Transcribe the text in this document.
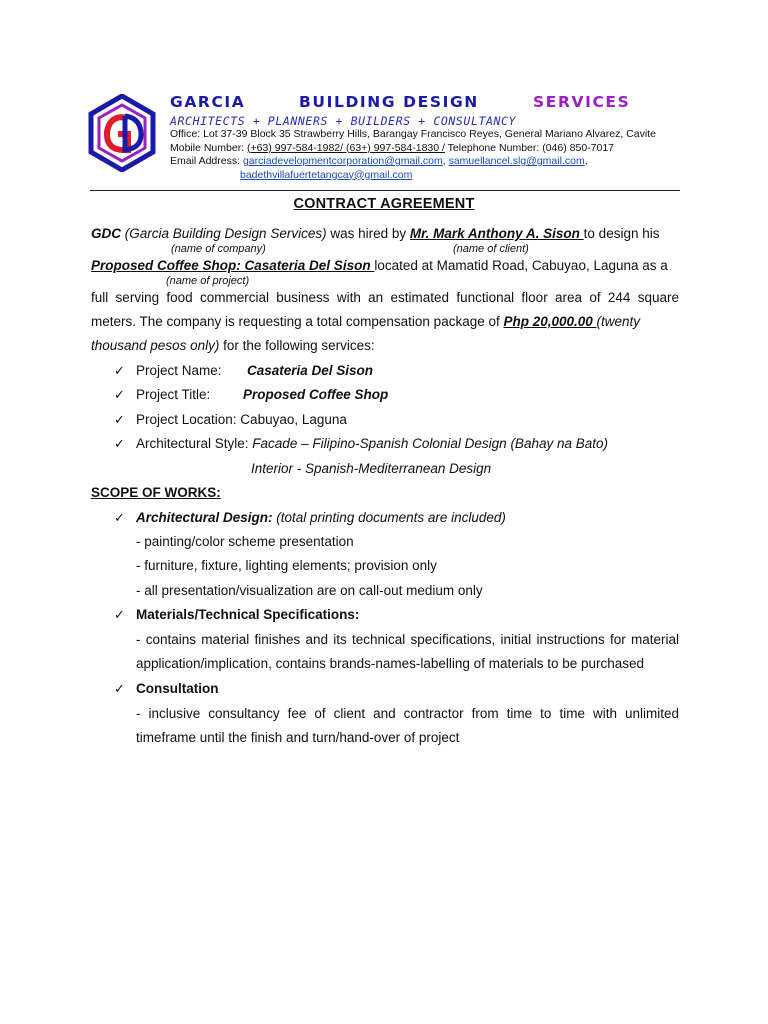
GARCIA	BUILDING DESIGN	SERVICES
ARCHITECTS + PLANNERS + BUILDERS + CONSULTANCY
Office: Lot 37-39 Block 35 Strawberry Hills, Barangay Francisco Reyes, General Mariano Alvarez, Cavite
Mobile Number: (+63) 997-584-1982/ (63+) 997-584-1830 / Telephone Number: (046) 850-7017
Email Address: garciadevelopmentcorporation@gmail.com, samuellancel.slg@gmail.com,
badethvillafuertetangcay@gmail.com
CONTRACT AGREEMENT
GDC (Garcia Building Design Services) was hired by Mr. Mark Anthony A. Sison to design his
(name of company)	(name of client)
Proposed Coffee Shop: Casateria Del Sison located at Mamatid Road, Cabuyao, Laguna as a
(name of project)
full serving food commercial business with an estimated functional floor area of 244 square
meters. The company is requesting a total compensation package of Php 20,000.00 (twenty
thousand pesos only) for the following services:
✓ Project Name: Casateria Del Sison
✓ Project Title: Proposed Coffee Shop
✓ Project Location: Cabuyao, Laguna
✓ Architectural Style: Facade – Filipino-Spanish Colonial Design (Bahay na Bato)
Interior - Spanish-Mediterranean Design
SCOPE OF WORKS:
✓ Architectural Design: (total printing documents are included)
- painting/color scheme presentation
- furniture, fixture, lighting elements; provision only
- all presentation/visualization are on call-out medium only
✓ Materials/Technical Specifications:
- contains material finishes and its technical specifications, initial instructions for material
application/implication, contains brands-names-labelling of materials to be purchased
✓ Consultation
- inclusive consultancy fee of client and contractor from time to time with unlimited
timeframe until the finish and turn/hand-over of project
